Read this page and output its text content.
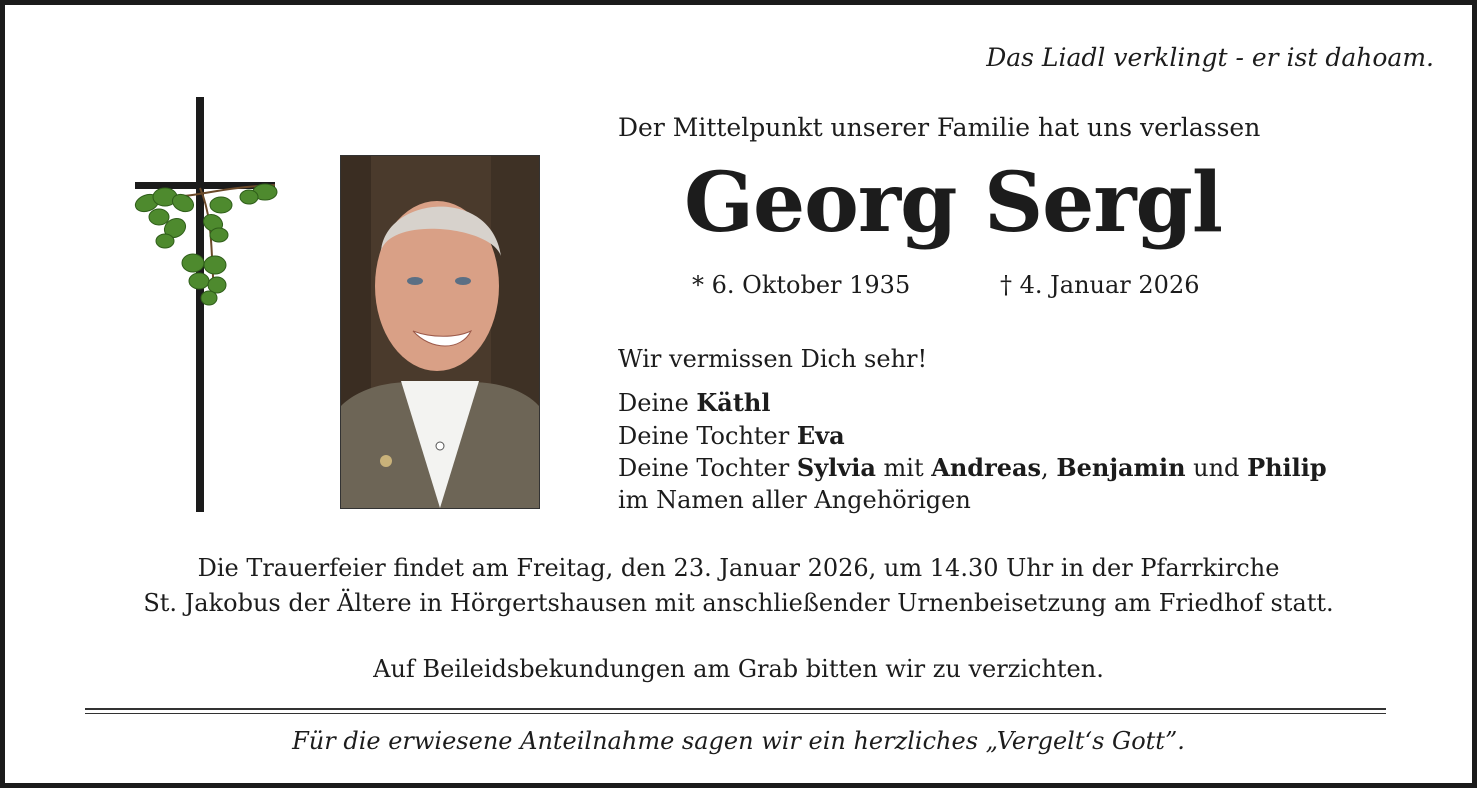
Das Liadl verklingt - er ist dahoam.
Der Mittelpunkt unserer Familie hat uns verlassen
Georg Sergl
* 6. Oktober 1935	† 4. Januar 2026
Wir vermissen Dich sehr!
Deine Käthl
Deine Tochter Eva
Deine Tochter Sylvia mit Andreas, Benjamin und Philip
im Namen aller Angehörigen
Die Trauerfeier findet am Freitag, den 23. Januar 2026, um 14.30 Uhr in der Pfarrkirche
St. Jakobus der Ältere in Hörgertshausen mit anschließender Urnenbeisetzung am Friedhof statt.
Auf Beileidsbekundungen am Grab bitten wir zu verzichten.
Für die erwiesene Anteilnahme sagen wir ein herzliches „Vergelt‘s Gott”.
